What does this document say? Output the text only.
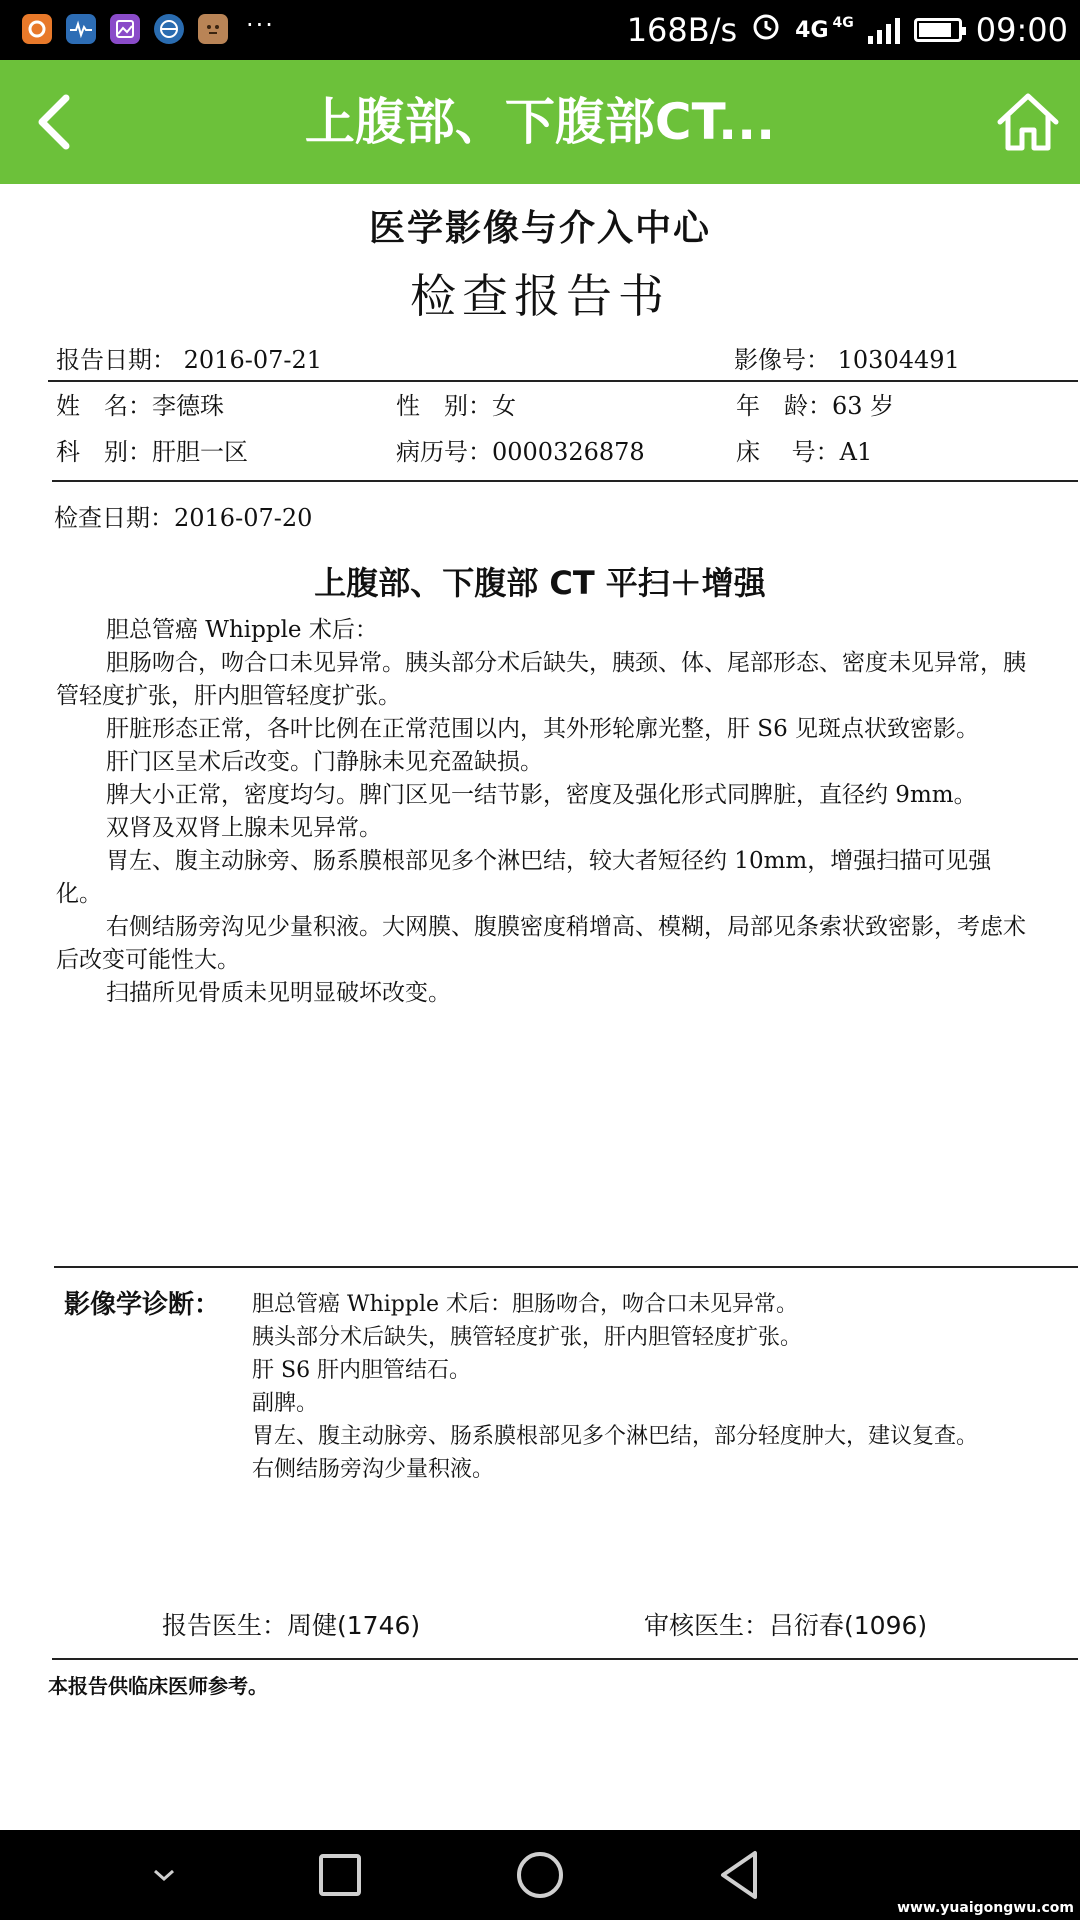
···	168B/s	4G 4G	09:00
上腹部、下腹部CT...
医学影像与介入中心
检查报告书
报告日期： 2016-07-21	影像号： 10304491
姓　名：李德珠	性　别：女	年　龄：63 岁
科　别：肝胆一区	病历号：0000326878	床　 号：A1
检查日期：2016-07-20
上腹部、下腹部 CT 平扫＋增强

胆总管癌 Whipple 术后：

胆肠吻合，吻合口未见异常。胰头部分术后缺失，胰颈、体、尾部形态、密度未见异常，胰管轻度扩张，肝内胆管轻度扩张。

肝脏形态正常，各叶比例在正常范围以内，其外形轮廓光整，肝 S6 见斑点状致密影。

肝门区呈术后改变。门静脉未见充盈缺损。

脾大小正常，密度均匀。脾门区见一结节影，密度及强化形式同脾脏，直径约 9mm。

双肾及双肾上腺未见异常。

胃左、腹主动脉旁、肠系膜根部见多个淋巴结，较大者短径约 10mm，增强扫描可见强化。

右侧结肠旁沟见少量积液。大网膜、腹膜密度稍增高、模糊，局部见条索状致密影，考虑术后改变可能性大。

扫描所见骨质未见明显破坏改变。

影像学诊断： 胆总管癌 Whipple 术后：胆肠吻合，吻合口未见异常。
胰头部分术后缺失，胰管轻度扩张，肝内胆管轻度扩张。
肝 S6 肝内胆管结石。
副脾。
胃左、腹主动脉旁、肠系膜根部见多个淋巴结，部分轻度肿大，建议复查。
右侧结肠旁沟少量积液。
报告医生：周健(1746)	审核医生：吕衍春(1096)
本报告供临床医师参考。
www.yuaigongwu.com
